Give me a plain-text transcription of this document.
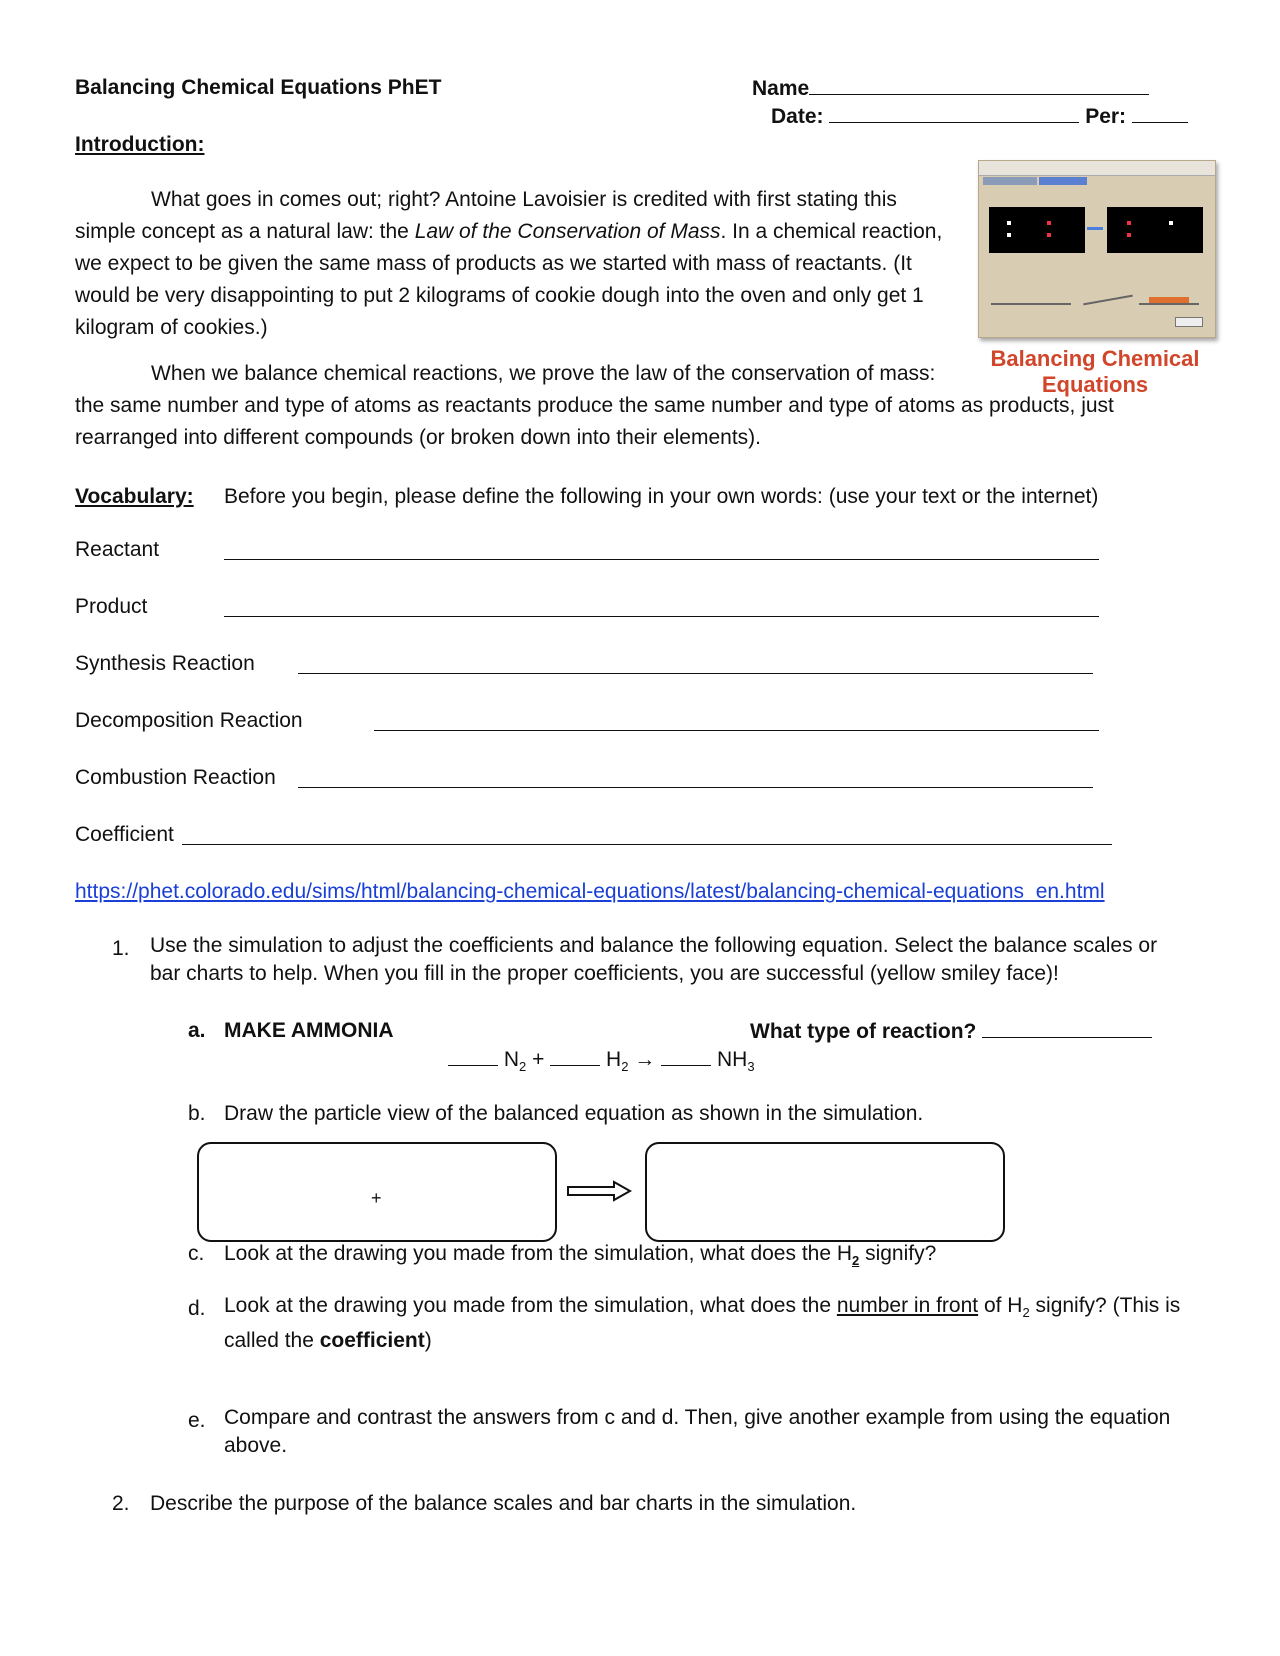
Balancing Chemical Equations PhET	Name
Date:	Per:
Introduction:

What goes in comes out; right? Antoine Lavoisier is credited with first stating this
simple concept as a natural law: the Law of the Conservation of Mass. In a chemical reaction,
we expect to be given the same mass of products as we started with mass of reactants. (It
would be very disappointing to put 2 kilograms of cookie dough into the oven and only get 1
kilogram of cookies.)

Balancing Chemical
Equations

When we balance chemical reactions, we prove the law of the conservation of mass:
the same number and type of atoms as reactants produce the same number and type of atoms as products, just
rearranged into different compounds (or broken down into their elements).

Vocabulary: Before you begin, please define the following in your own words: (use your text or the internet)
Reactant
Product
Synthesis Reaction
Decomposition Reaction
Combustion Reaction
Coefficient
https://phet.colorado.edu/sims/html/balancing-chemical-equations/latest/balancing-chemical-equations_en.html
1. Use the simulation to adjust the coefficients and balance the following equation. Select the balance scales or
bar charts to help. When you fill in the proper coefficients, you are successful (yellow smiley face)!

a. MAKE AMMONIA	What type of reaction?
$N_2$ +	$H_2$ →	$NH_3$
b. Draw the particle view of the balanced equation as shown in the simulation.
+
c. Look at the drawing you made from the simulation, what does the $H_2$ signify?
d. Look at the drawing you made from the simulation, what does the number in front of $H_2$ signify? (This is
called the coefficient)

e. Compare and contrast the answers from c and d. Then, give another example from using the equation
above.

2. Describe the purpose of the balance scales and bar charts in the simulation.
